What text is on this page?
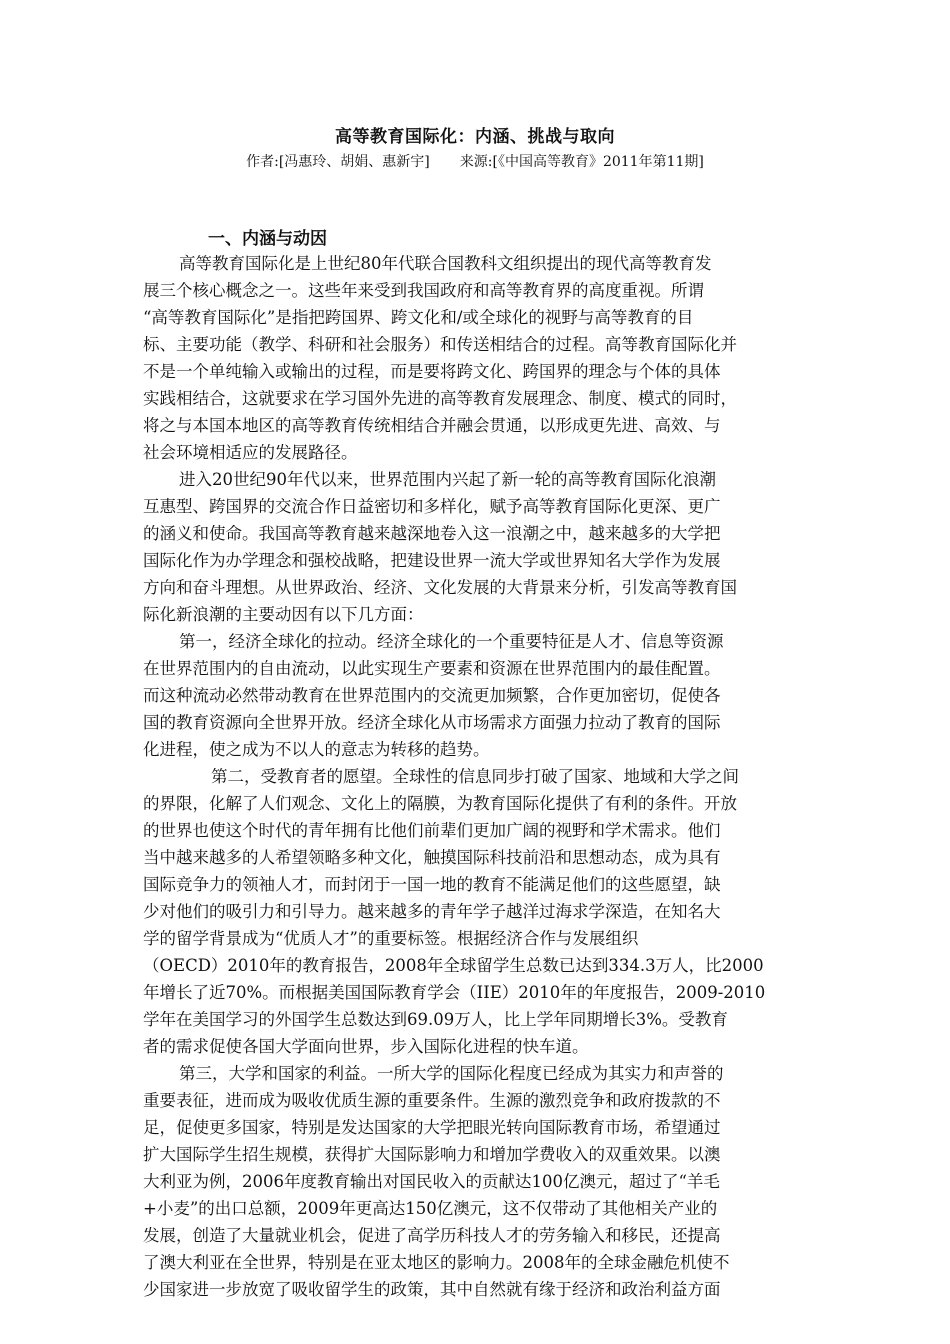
高等教育国际化：内涵、挑战与取向
作者:[冯惠玲、胡娟、惠新宇] 来源:[《中国高等教育》2011年第11期]
一、内涵与动因
高等教育国际化是上世纪80年代联合国教科文组织提出的现代高等教育发
展三个核心概念之一。这些年来受到我国政府和高等教育界的高度重视。所谓
“高等教育国际化”是指把跨国界、跨文化和/或全球化的视野与高等教育的目
标、主要功能（教学、科研和社会服务）和传送相结合的过程。高等教育国际化并
不是一个单纯输入或输出的过程，而是要将跨文化、跨国界的理念与个体的具体
实践相结合，这就要求在学习国外先进的高等教育发展理念、制度、模式的同时，
将之与本国本地区的高等教育传统相结合并融会贯通，以形成更先进、高效、与
社会环境相适应的发展路径。
进入20世纪90年代以来，世界范围内兴起了新一轮的高等教育国际化浪潮
互惠型、跨国界的交流合作日益密切和多样化，赋予高等教育国际化更深、更广
的涵义和使命。我国高等教育越来越深地卷入这一浪潮之中，越来越多的大学把
国际化作为办学理念和强校战略，把建设世界一流大学或世界知名大学作为发展
方向和奋斗理想。从世界政治、经济、文化发展的大背景来分析，引发高等教育国
际化新浪潮的主要动因有以下几方面：
第一，经济全球化的拉动。经济全球化的一个重要特征是人才、信息等资源
在世界范围内的自由流动，以此实现生产要素和资源在世界范围内的最佳配置。
而这种流动必然带动教育在世界范围内的交流更加频繁，合作更加密切，促使各
国的教育资源向全世界开放。经济全球化从市场需求方面强力拉动了教育的国际
化进程，使之成为不以人的意志为转移的趋势。
第二，受教育者的愿望。全球性的信息同步打破了国家、地域和大学之间
的界限，化解了人们观念、文化上的隔膜，为教育国际化提供了有利的条件。开放
的世界也使这个时代的青年拥有比他们前辈们更加广阔的视野和学术需求。他们
当中越来越多的人希望领略多种文化，触摸国际科技前沿和思想动态，成为具有
国际竞争力的领袖人才，而封闭于一国一地的教育不能满足他们的这些愿望，缺
少对他们的吸引力和引导力。越来越多的青年学子越洋过海求学深造，在知名大
学的留学背景成为“优质人才”的重要标签。根据经济合作与发展组织
（OECD）2010年的教育报告，2008年全球留学生总数已达到334.3万人，比2000
年增长了近70%。而根据美国国际教育学会（IIE）2010年的年度报告，2009-2010
学年在美国学习的外国学生总数达到69.09万人，比上学年同期增长3%。受教育
者的需求促使各国大学面向世界，步入国际化进程的快车道。
第三，大学和国家的利益。一所大学的国际化程度已经成为其实力和声誉的
重要表征，进而成为吸收优质生源的重要条件。生源的激烈竞争和政府拨款的不
足，促使更多国家，特别是发达国家的大学把眼光转向国际教育市场，希望通过
扩大国际学生招生规模，获得扩大国际影响力和增加学费收入的双重效果。以澳
大利亚为例，2006年度教育输出对国民收入的贡献达100亿澳元，超过了“羊毛
+小麦”的出口总额，2009年更高达150亿澳元，这不仅带动了其他相关产业的
发展，创造了大量就业机会，促进了高学历科技人才的劳务输入和移民，还提高
了澳大利亚在全世界，特别是在亚太地区的影响力。2008年的全球金融危机使不
少国家进一步放宽了吸收留学生的政策，其中自然就有缘于经济和政治利益方面
